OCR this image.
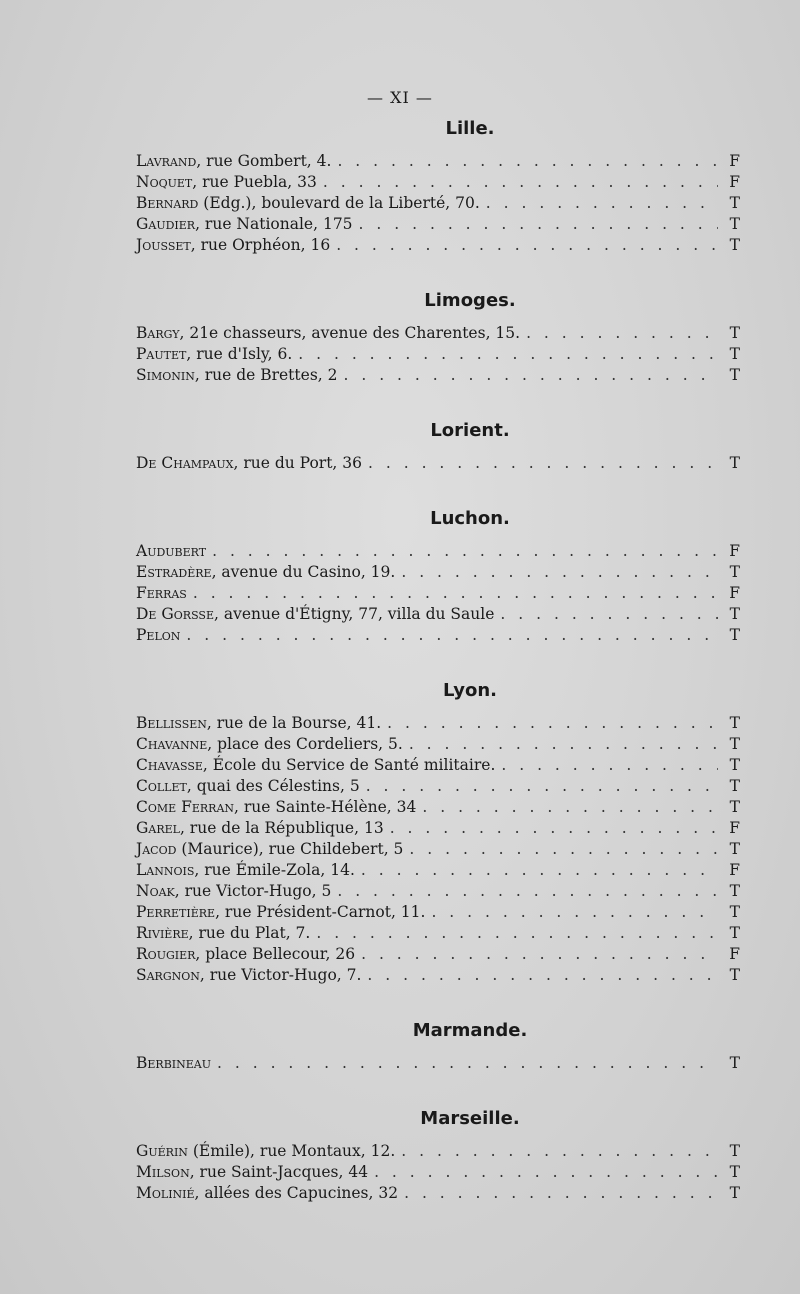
— XI —
Lille.
Lavrand, rue Gombert, 4. . . .	F
Noquet, rue Puebla, 33 . . .	F
Bernard (Edg.), boulevard de la Liberté, 70. . . .	T
Gaudier, rue Nationale, 175 . . .	T
Jousset, rue Orphéon, 16 . . .	T
Limoges.
Bargy, 21e chasseurs, avenue des Charentes, 15. . . .	T
Pautet, rue d'Isly, 6. . . .	T
Simonin, rue de Brettes, 2 . . .	T
Lorient.
De Champaux, rue du Port, 36 . . .	T
Luchon.
Audubert . . .	F
Estradère, avenue du Casino, 19. . . .	T
Ferras . . .	F
De Gorsse, avenue d'Étigny, 77, villa du Saule . . .	T
Pelon . . .	T
Lyon.
Bellissen, rue de la Bourse, 41. . . .	T
Chavanne, place des Cordeliers, 5. . . .	T
Chavasse, École du Service de Santé militaire. . . .	T
Collet, quai des Célestins, 5 . . .	T
Come Ferran, rue Sainte-Hélène, 34 . . .	T
Garel, rue de la République, 13 . . .	F
Jacod (Maurice), rue Childebert, 5 . . .	T
Lannois, rue Émile-Zola, 14. . . .	F
Noak, rue Victor-Hugo, 5 . . .	T
Perretière, rue Président-Carnot, 11. . . .	T
Rivière, rue du Plat, 7. . . .	T
Rougier, place Bellecour, 26 . . .	F
Sargnon, rue Victor-Hugo, 7. . . .	T
Marmande.
Berbineau . . .	T
Marseille.
Guérin (Émile), rue Montaux, 12. . . .	T
Milson, rue Saint-Jacques, 44 . . .	T
Molinié, allées des Capucines, 32 . . .	T
